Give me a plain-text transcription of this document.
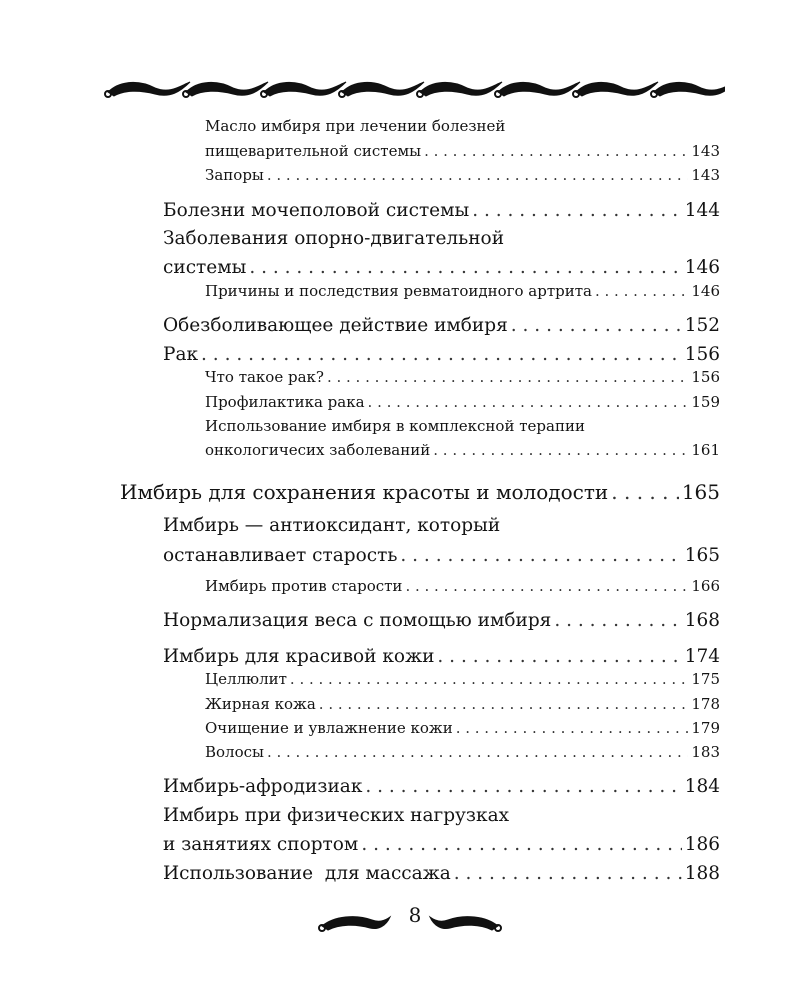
Масло имбиря при лечении болезней
пищеварительной системы . . .	143
Запоры . . .	143
Болезни мочеполовой системы . . .	144
Заболевания опорно-двигательной
системы . . .	146
Причины и последствия ревматоидного артрита . . .	146
Обезболивающее действие имбиря . . .	152
Рак . . .	156
Что такое рак? . . .	156
Профилактика рака . . .	159
Использование имбиря в комплексной терапии
онкологичесих заболеваний . . .	161
Имбирь для сохранения красоты и молодости . . .	165
Имбирь — антиоксидант, который
останавливает старость . . .	165
Имбирь против старости . . .	166
Нормализация веса с помощью имбиря . . .	168
Имбирь для красивой кожи . . .	174
Целлюлит . . .	175
Жирная кожа . . .	178
Очищение и увлажнение кожи . . .	179
Волосы . . .	183
Имбирь-афродизиак . . .	184
Имбирь при физических нагрузках
и занятиях спортом . . .	186
Использование  для массажа . . .	188
8
